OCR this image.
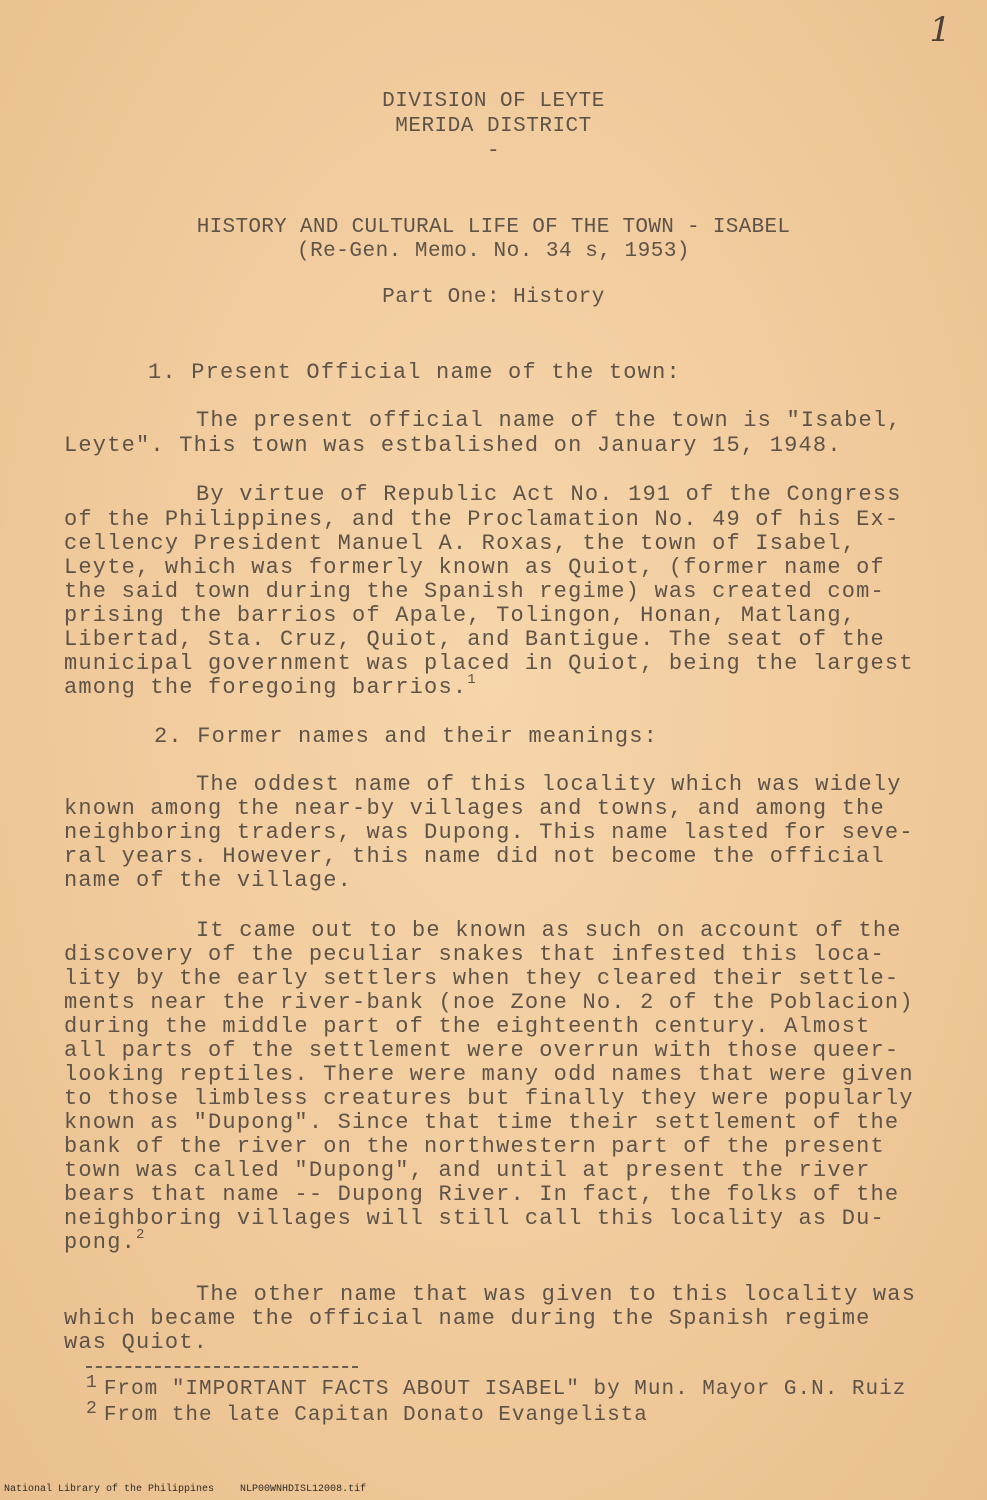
1
DIVISION OF LEYTE
MERIDA DISTRICT
-
HISTORY AND CULTURAL LIFE OF THE TOWN - ISABEL
(Re-Gen. Memo. No. 34 s, 1953)
Part One: History
1. Present Official name of the town:
The present official name of the town is "Isabel,
Leyte". This town was estbalished on January 15, 1948.
By virtue of Republic Act No. 191 of the Congress
of the Philippines, and the Proclamation No. 49 of his Ex-
cellency President Manuel A. Roxas, the town of Isabel,
Leyte, which was formerly known as Quiot, (former name of
the said town during the Spanish regime) was created com-
prising the barrios of Apale, Tolingon, Honan, Matlang,
Libertad, Sta. Cruz, Quiot, and Bantigue. The seat of the
municipal government was placed in Quiot, being the largest
among the foregoing barrios.$^1$
2. Former names and their meanings:
The oddest name of this locality which was widely
known among the near-by villages and towns, and among the
neighboring traders, was Dupong. This name lasted for seve-
ral years. However, this name did not become the official
name of the village.
It came out to be known as such on account of the
discovery of the peculiar snakes that infested this loca-
lity by the early settlers when they cleared their settle-
ments near the river-bank (noe Zone No. 2 of the Poblacion)
during the middle part of the eighteenth century. Almost
all parts of the settlement were overrun with those queer-
looking reptiles. There were many odd names that were given
to those limbless creatures but finally they were popularly
known as "Dupong". Since that time their settlement of the
bank of the river on the northwestern part of the present
town was called "Dupong", and until at present the river
bears that name -- Dupong River. In fact, the folks of the
neighboring villages will still call this locality as Du-
pong.$^2$
The other name that was given to this locality was
which became the official name during the Spanish regime
was Quiot.
1 From "IMPORTANT FACTS ABOUT ISABEL" by Mun. Mayor G.N. Ruiz
2 From the late Capitan Donato Evangelista
National Library of the Philippines	NLP00WNHDISL12008.tif
